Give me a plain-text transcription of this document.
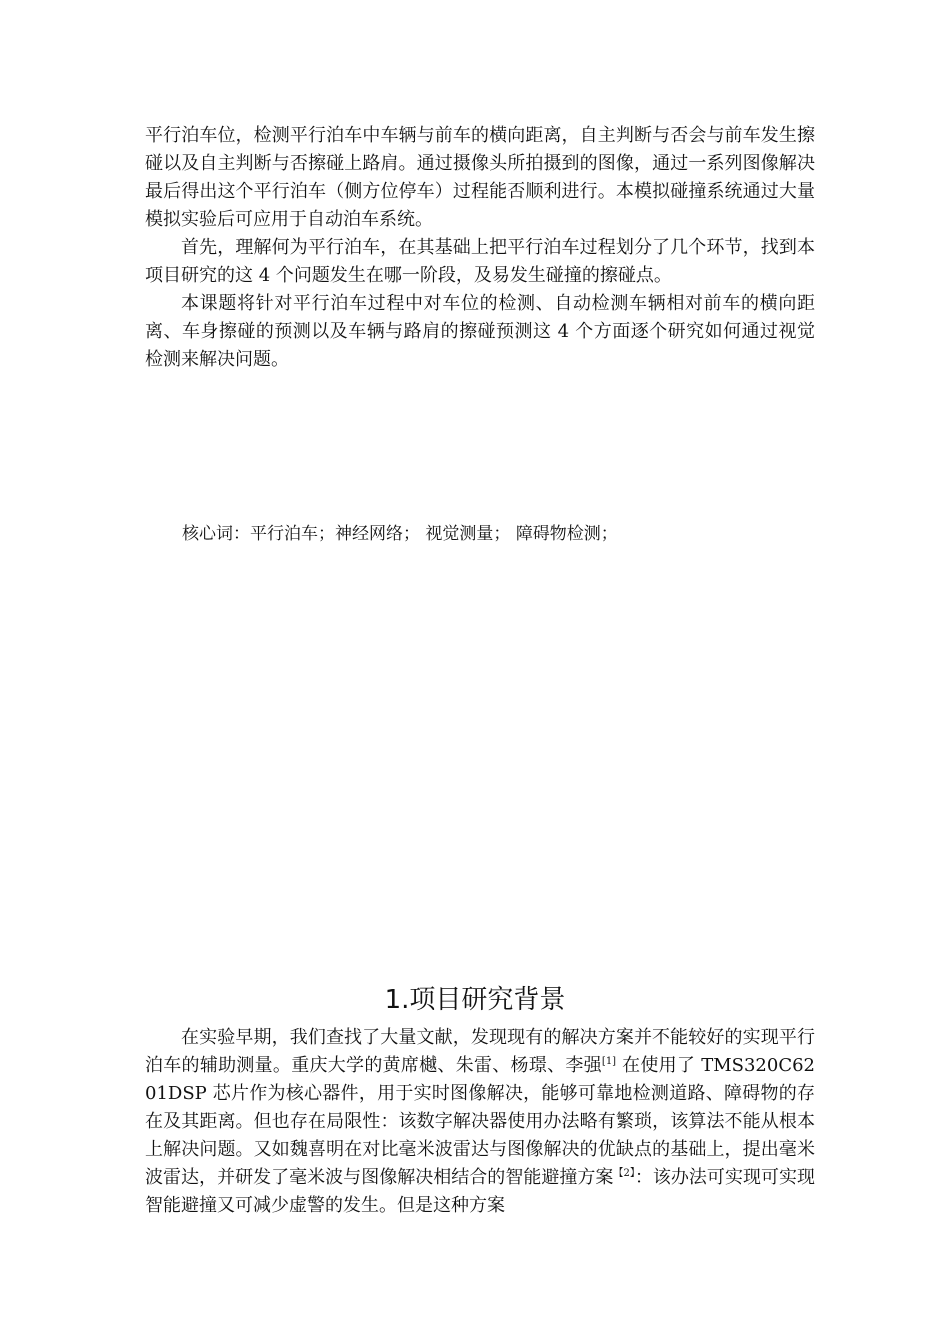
平行泊车位，检测平行泊车中车辆与前车的横向距离，自主判断与否会与前车发生擦碰以及自主判断与否擦碰上路肩。通过摄像头所拍摄到的图像，通过一系列图像解决最后得出这个平行泊车（侧方位停车）过程能否顺利进行。本模拟碰撞系统通过大量模拟实验后可应用于自动泊车系统。

首先，理解何为平行泊车，在其基础上把平行泊车过程划分了几个环节，找到本项目研究的这 4 个问题发生在哪一阶段，及易发生碰撞的擦碰点。

本课题将针对平行泊车过程中对车位的检测、自动检测车辆相对前车的横向距离、车身擦碰的预测以及车辆与路肩的擦碰预测这 4 个方面逐个研究如何通过视觉检测来解决问题。

核心词：平行泊车；神经网络； 视觉测量； 障碍物检测；
1.项目研究背景

在实验早期，我们查找了大量文献，发现现有的解决方案并不能较好的实现平行泊车的辅助测量。重庆大学的黄席樾、朱雷、杨璟、李强[1] 在使用了 TMS320C6201DSP 芯片作为核心器件，用于实时图像解决，能够可靠地检测道路、障碍物的存在及其距离。但也存在局限性：该数字解决器使用办法略有繁琐，该算法不能从根本上解决问题。又如魏喜明在对比毫米波雷达与图像解决的优缺点的基础上，提出毫米波雷达，并研发了毫米波与图像解决相结合的智能避撞方案$^{【2】}$：该办法可实现可实现智能避撞又可减少虚警的发生。但是这种方案
